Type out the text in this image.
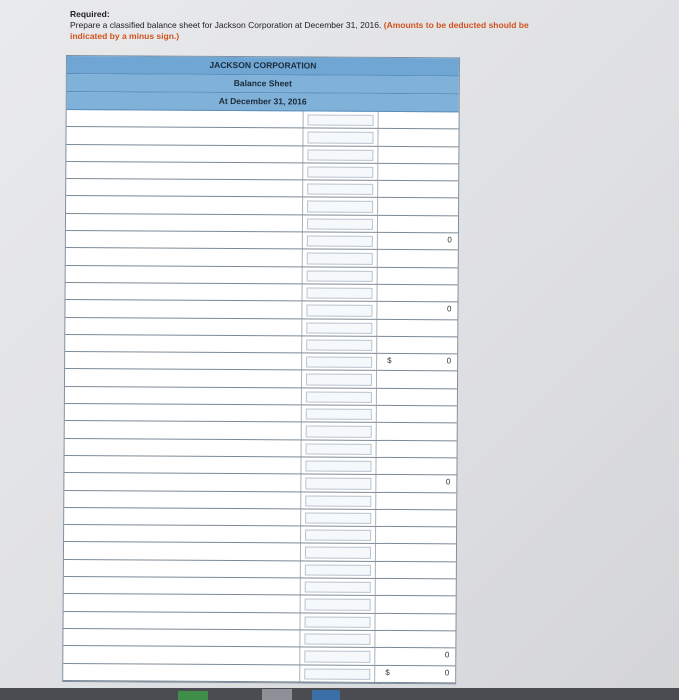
Required:
Prepare a classified balance sheet for Jackson Corporation at December 31, 2016. (Amounts to be deducted should be indicated by a minus sign.)
JACKSON CORPORATION
Balance Sheet
At December 31, 2016
0
0
$	0
0
0
$	0
